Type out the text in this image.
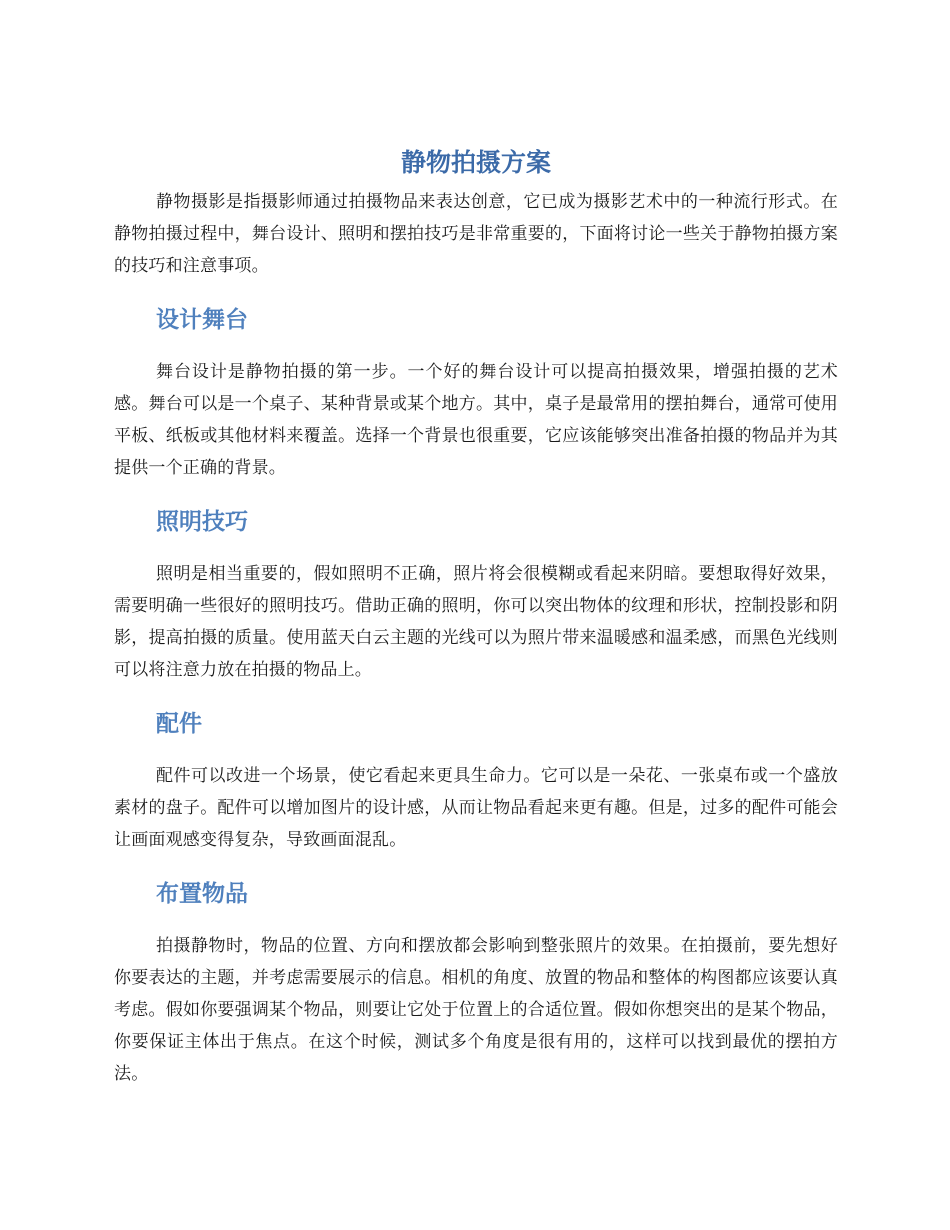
静物拍摄方案

静物摄影是指摄影师通过拍摄物品来表达创意，它已成为摄影艺术中的一种流行形式。在静物拍摄过程中，舞台设计、照明和摆拍技巧是非常重要的，下面将讨论一些关于静物拍摄方案的技巧和注意事项。

设计舞台

舞台设计是静物拍摄的第一步。一个好的舞台设计可以提高拍摄效果，增强拍摄的艺术感。舞台可以是一个桌子、某种背景或某个地方。其中，桌子是最常用的摆拍舞台，通常可使用平板、纸板或其他材料来覆盖。选择一个背景也很重要，它应该能够突出准备拍摄的物品并为其提供一个正确的背景。

照明技巧

照明是相当重要的，假如照明不正确，照片将会很模糊或看起来阴暗。要想取得好效果，需要明确一些很好的照明技巧。借助正确的照明，你可以突出物体的纹理和形状，控制投影和阴影，提高拍摄的质量。使用蓝天白云主题的光线可以为照片带来温暖感和温柔感，而黑色光线则可以将注意力放在拍摄的物品上。

配件

配件可以改进一个场景，使它看起来更具生命力。它可以是一朵花、一张桌布或一个盛放素材的盘子。配件可以增加图片的设计感，从而让物品看起来更有趣。但是，过多的配件可能会让画面观感变得复杂，导致画面混乱。

布置物品

拍摄静物时，物品的位置、方向和摆放都会影响到整张照片的效果。在拍摄前，要先想好你要表达的主题，并考虑需要展示的信息。相机的角度、放置的物品和整体的构图都应该要认真考虑。假如你要强调某个物品，则要让它处于位置上的合适位置。假如你想突出的是某个物品，你要保证主体出于焦点。在这个时候，测试多个角度是很有用的，这样可以找到最优的摆拍方法。
